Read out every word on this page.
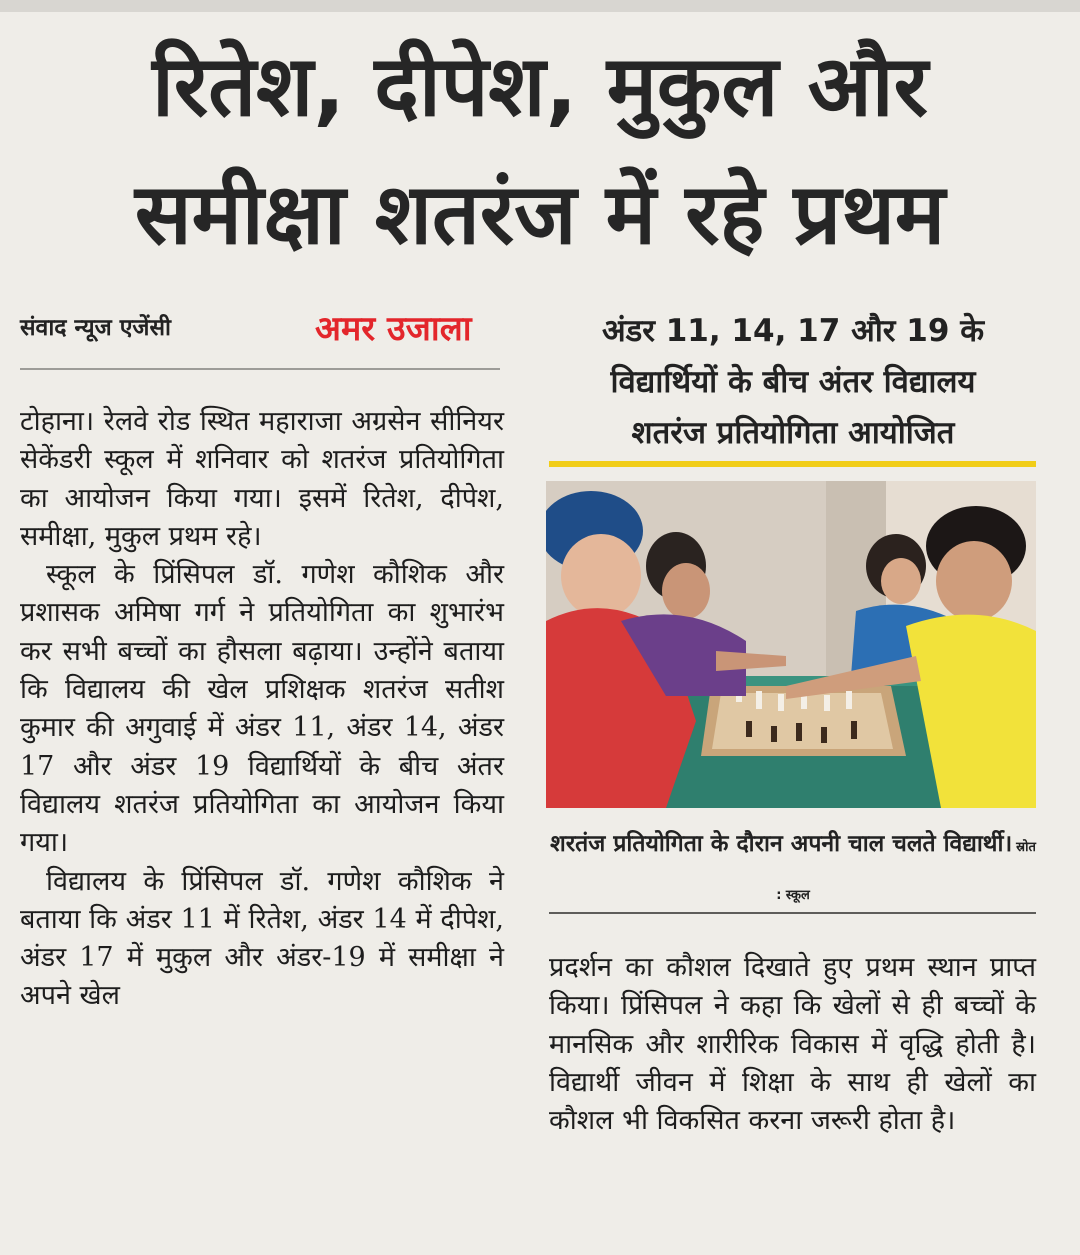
रितेश, दीपेश, मुकुल और
समीक्षा शतरंज में रहे प्रथम
संवाद न्यूज एजेंसी	अमर उजाला

टोहाना। रेलवे रोड स्थित महाराजा अग्रसेन सीनियर सेकेंडरी स्कूल में शनिवार को शतरंज प्रतियोगिता का आयोजन किया गया। इसमें रितेश, दीपेश, समीक्षा, मुकुल प्रथम रहे।

स्कूल के प्रिंसिपल डॉ. गणेश कौशिक और प्रशासक अमिषा गर्ग ने प्रतियोगिता का शुभारंभ कर सभी बच्चों का हौसला बढ़ाया। उन्होंने बताया कि विद्यालय की खेल प्रशिक्षक शतरंज सतीश कुमार की अगुवाई में अंडर 11, अंडर 14, अंडर 17 और अंडर 19 विद्यार्थियों के बीच अंतर विद्यालय शतरंज प्रतियोगिता का आयोजन किया गया।

विद्यालय के प्रिंसिपल डॉ. गणेश कौशिक ने बताया कि अंडर 11 में रितेश, अंडर 14 में दीपेश, अंडर 17 में मुकुल और अंडर-19 में समीक्षा ने अपने खेल

अंडर 11, 14, 17 और 19 के
विद्यार्थियों के बीच अंतर विद्यालय
शतरंज प्रतियोगिता आयोजित
शरतंज प्रतियोगिता के दौरान अपनी चाल चलते विद्यार्थी। स्रोत : स्कूल

प्रदर्शन का कौशल दिखाते हुए प्रथम स्थान प्राप्त किया। प्रिंसिपल ने कहा कि खेलों से ही बच्चों के मानसिक और शारीरिक विकास में वृद्धि होती है। विद्यार्थी जीवन में शिक्षा के साथ ही खेलों का कौशल भी विकसित करना जरूरी होता है।
